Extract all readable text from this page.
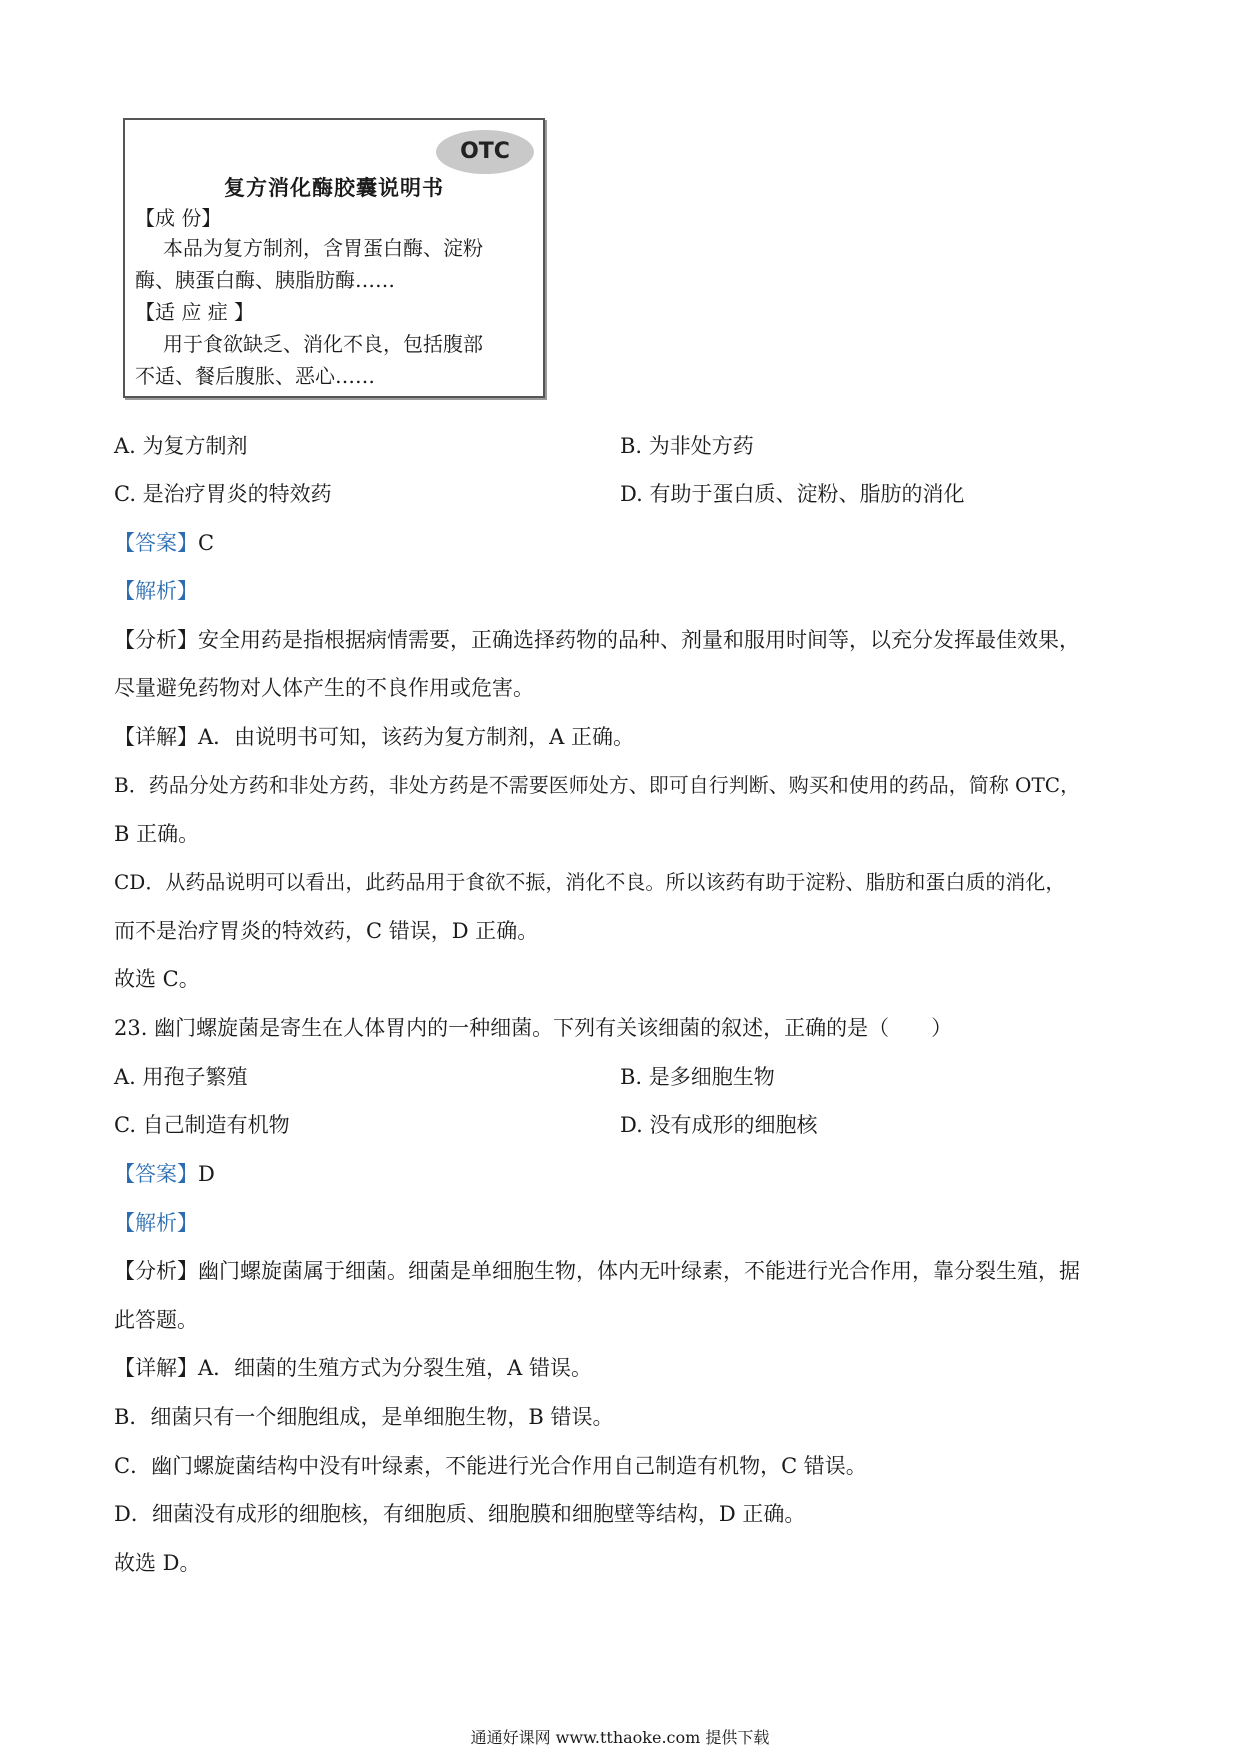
OTC
复方消化酶胶囊说明书
【成 份】
本品为复方制剂，含胃蛋白酶、淀粉
酶、胰蛋白酶、胰脂肪酶……
【适 应 症 】
用于食欲缺乏、消化不良，包括腹部
不适、餐后腹胀、恶心……
A. 为复方制剂	B. 为非处方药
C. 是治疗胃炎的特效药	D. 有助于蛋白质、淀粉、脂肪的消化
【答案】C
【解析】
【分析】安全用药是指根据病情需要，正确选择药物的品种、剂量和服用时间等，以充分发挥最佳效果，
尽量避免药物对人体产生的不良作用或危害。
【详解】A．由说明书可知，该药为复方制剂，A 正确。
B．药品分处方药和非处方药，非处方药是不需要医师处方、即可自行判断、购买和使用的药品，简称 OTC，
B 正确。
CD．从药品说明可以看出，此药品用于食欲不振，消化不良。所以该药有助于淀粉、脂肪和蛋白质的消化，
而不是治疗胃炎的特效药，C 错误，D 正确。
故选 C。
23. 幽门螺旋菌是寄生在人体胃内的一种细菌。下列有关该细菌的叙述，正确的是（　　）
A. 用孢子繁殖	B. 是多细胞生物
C. 自己制造有机物	D. 没有成形的细胞核
【答案】D
【解析】
【分析】幽门螺旋菌属于细菌。细菌是单细胞生物，体内无叶绿素，不能进行光合作用，靠分裂生殖，据
此答题。
【详解】A．细菌的生殖方式为分裂生殖，A 错误。
B．细菌只有一个细胞组成，是单细胞生物，B 错误。
C．幽门螺旋菌结构中没有叶绿素，不能进行光合作用自己制造有机物，C 错误。
D．细菌没有成形的细胞核，有细胞质、细胞膜和细胞壁等结构，D 正确。
故选 D。
通通好课网 www.tthaoke.com 提供下载
